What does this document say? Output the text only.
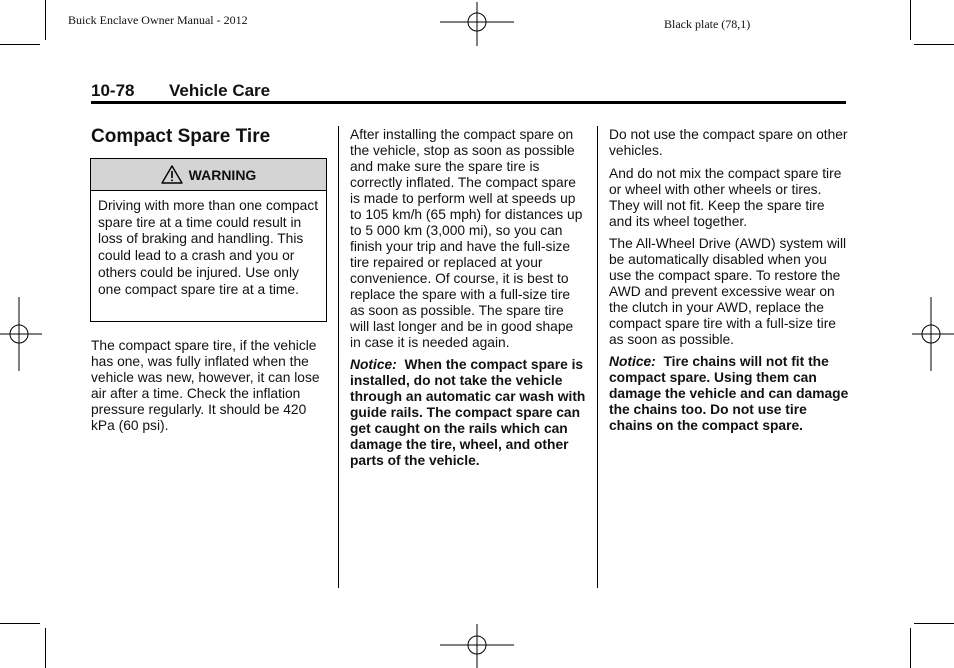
Buick Enclave Owner Manual - 2012	Black plate (78,1)
10-78 Vehicle Care
Compact Spare Tire
WARNING
Driving with more than one compact spare tire at a time could result in loss of braking and handling. This could lead to a crash and you or others could be injured. Use only one compact spare tire at a time.

The compact spare tire, if the vehicle has one, was fully inflated when the vehicle was new, however, it can lose air after a time. Check the inflation pressure regularly. It should be 420 kPa (60 psi).

After installing the compact spare on the vehicle, stop as soon as possible and make sure the spare tire is correctly inflated. The compact spare is made to perform well at speeds up to 105 km/h (65 mph) for distances up to 5 000 km (3,000 mi), so you can finish your trip and have the full-size tire repaired or replaced at your convenience. Of course, it is best to replace the spare with a full-size tire as soon as possible. The spare tire will last longer and be in good shape in case it is needed again.

Notice: When the compact spare is installed, do not take the vehicle through an automatic car wash with guide rails. The compact spare can get caught on the rails which can damage the tire, wheel, and other parts of the vehicle.

Do not use the compact spare on other vehicles.

And do not mix the compact spare tire or wheel with other wheels or tires. They will not fit. Keep the spare tire and its wheel together.

The All-Wheel Drive (AWD) system will be automatically disabled when you use the compact spare. To restore the AWD and prevent excessive wear on the clutch in your AWD, replace the compact spare tire with a full-size tire as soon as possible.

Notice: Tire chains will not fit the compact spare. Using them can damage the vehicle and can damage the chains too. Do not use tire chains on the compact spare.
